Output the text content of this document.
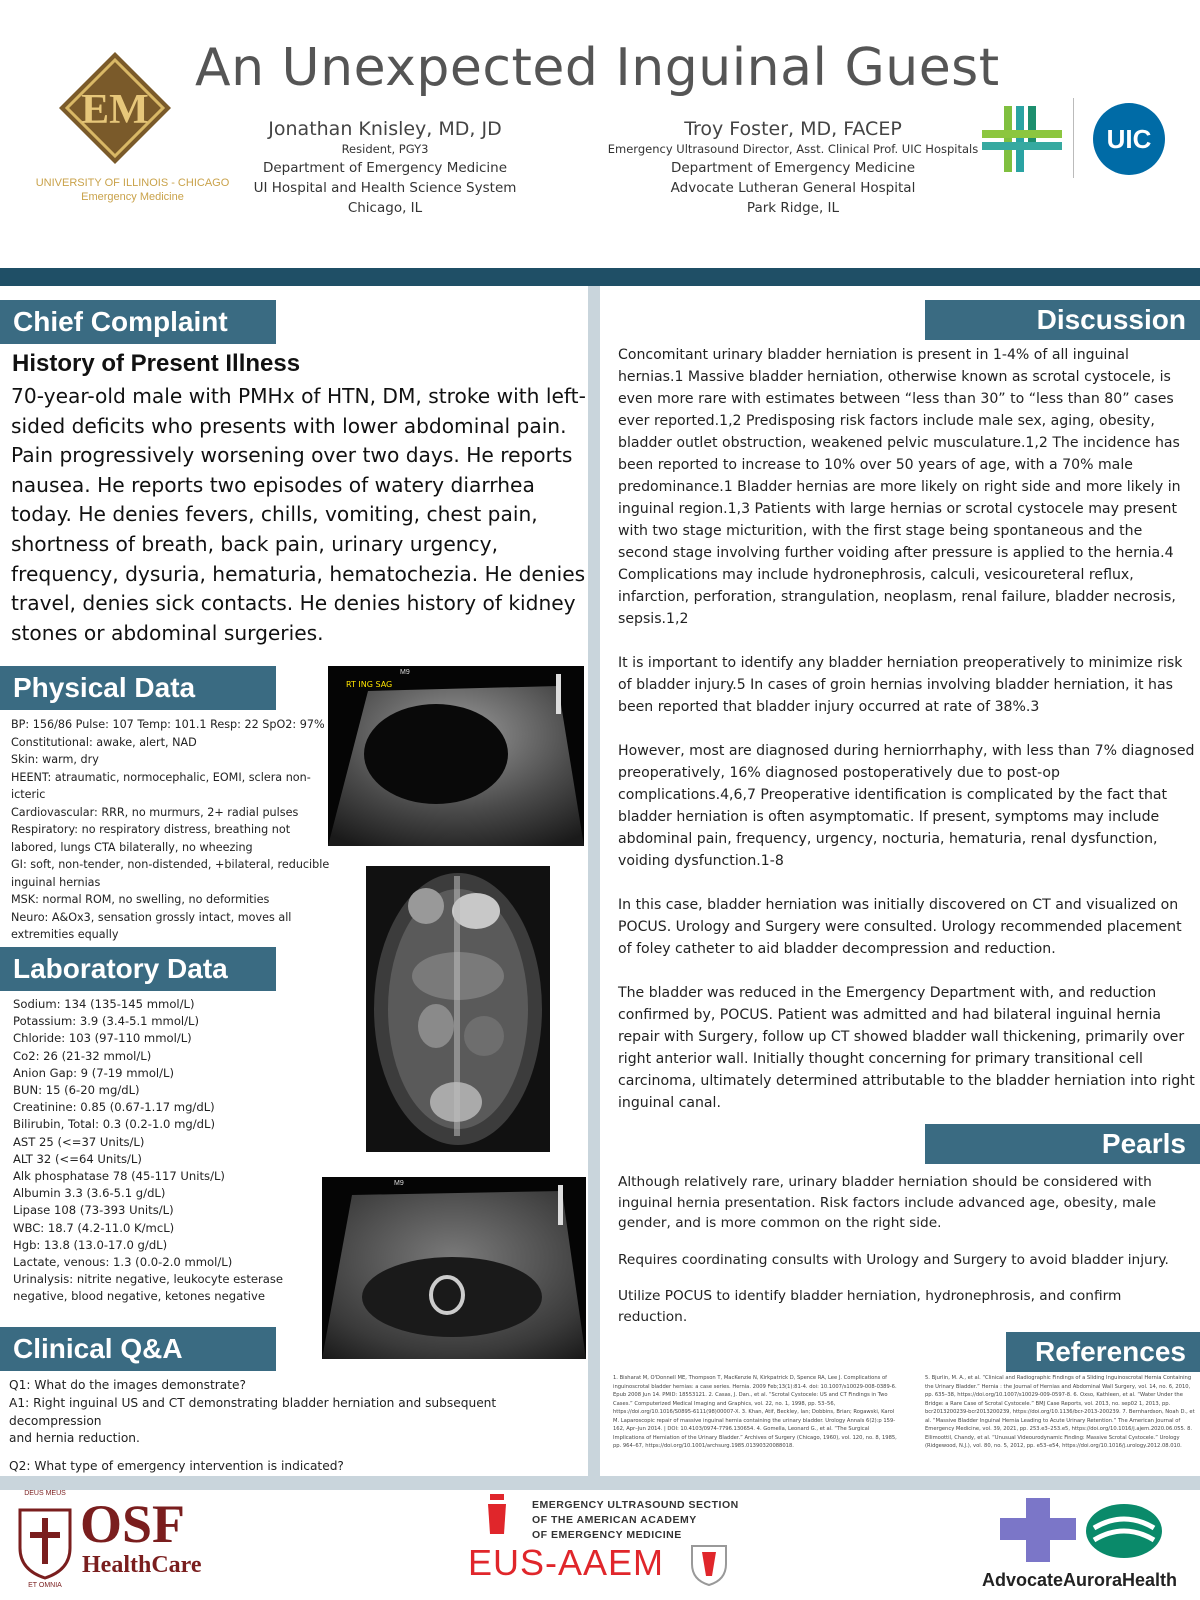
EM
UNIVERSITY OF ILLINOIS - CHICAGO
Emergency Medicine
An Unexpected Inguinal Guest
Jonathan Knisley, MD, JD
Resident, PGY3
Department of Emergency Medicine
UI Hospital and Health Science System
Chicago, IL
Troy Foster, MD, FACEP
Emergency Ultrasound Director, Asst. Clinical Prof. UIC Hospitals
Department of Emergency Medicine
Advocate Lutheran General Hospital
Park Ridge, IL
UIC
Chief Complaint
History of Present Illness
70-year-old male with PMHx of HTN, DM, stroke with left-sided deficits who presents with lower abdominal pain. Pain progressively worsening over two days. He reports nausea. He reports two episodes of watery diarrhea today. He denies fevers, chills, vomiting, chest pain, shortness of breath, back pain, urinary urgency, frequency, dysuria, hematuria, hematochezia. He denies travel, denies sick contacts. He denies history of kidney stones or abdominal surgeries.
Physical Data
BP: 156/86 Pulse: 107 Temp: 101.1 Resp: 22 SpO2: 97%
Constitutional: awake, alert, NAD
Skin: warm, dry
HEENT: atraumatic, normocephalic, EOMI, sclera non-
icteric
Cardiovascular: RRR, no murmurs, 2+ radial pulses
Respiratory: no respiratory distress, breathing not
labored, lungs CTA bilaterally, no wheezing
GI: soft, non-tender, non-distended, +bilateral, reducible
inguinal hernias
MSK: normal ROM, no swelling, no deformities
Neuro: A&Ox3, sensation grossly intact, moves all
extremities equally
Laboratory Data
Sodium: 134 (135-145 mmol/L)
Potassium: 3.9 (3.4-5.1 mmol/L)
Chloride: 103 (97-110 mmol/L)
Co2: 26 (21-32 mmol/L)
Anion Gap: 9 (7-19 mmol/L)
BUN: 15 (6-20 mg/dL)
Creatinine: 0.85 (0.67-1.17 mg/dL)
Bilirubin, Total: 0.3 (0.2-1.0 mg/dL)
AST 25 (<=37 Units/L)
ALT 32 (<=64 Units/L)
Alk phosphatase 78 (45-117 Units/L)
Albumin 3.3 (3.6-5.1 g/dL)
Lipase 108 (73-393 Units/L)
WBC: 18.7 (4.2-11.0 K/mcL)
Hgb: 13.8 (13.0-17.0 g/dL)
Lactate, venous: 1.3 (0.0-2.0 mmol/L)
Urinalysis: nitrite negative, leukocyte esterase
negative, blood negative, ketones negative
Clinical Q&A
Q1: What do the images demonstrate?
A1: Right inguinal US and CT demonstrating bladder herniation and subsequent decompression
and hernia reduction.
Q2: What type of emergency intervention is indicated?
RT ING SAG
M9
M9
Discussion

Concomitant urinary bladder herniation is present in 1-4% of all inguinal hernias.1 Massive bladder herniation, otherwise known as scrotal cystocele, is even more rare with estimates between “less than 30” to “less than 80” cases ever reported.1,2 Predisposing risk factors include male sex, aging, obesity, bladder outlet obstruction, weakened pelvic musculature.1,2 The incidence has been reported to increase to 10% over 50 years of age, with a 70% male predominance.1 Bladder hernias are more likely on right side and more likely in inguinal region.1,3 Patients with large hernias or scrotal cystocele may present with two stage micturition, with the first stage being spontaneous and the second stage involving further voiding after pressure is applied to the hernia.4 Complications may include hydronephrosis, calculi, vesicoureteral reflux, infarction, perforation, strangulation, neoplasm, renal failure, bladder necrosis, sepsis.1,2

It is important to identify any bladder herniation preoperatively to minimize risk of bladder injury.5 In cases of groin hernias involving bladder herniation, it has been reported that bladder injury occurred at rate of 38%.3

However, most are diagnosed during herniorrhaphy, with less than 7% diagnosed preoperatively, 16% diagnosed postoperatively due to post-op complications.4,6,7 Preoperative identification is complicated by the fact that bladder herniation is often asymptomatic. If present, symptoms may include abdominal pain, frequency, urgency, nocturia, hematuria, renal dysfunction, voiding dysfunction.1-8

In this case, bladder herniation was initially discovered on CT and visualized on POCUS. Urology and Surgery were consulted. Urology recommended placement of foley catheter to aid bladder decompression and reduction.

The bladder was reduced in the Emergency Department with, and reduction confirmed by, POCUS. Patient was admitted and had bilateral inguinal hernia repair with Surgery, follow up CT showed bladder wall thickening, primarily over right anterior wall. Initially thought concerning for primary transitional cell carcinoma, ultimately determined attributable to the bladder herniation into right inguinal canal.

Pearls

Although relatively rare, urinary bladder herniation should be considered with inguinal hernia presentation. Risk factors include advanced age, obesity, male gender, and is more common on the right side.

Requires coordinating consults with Urology and Surgery to avoid bladder injury.

Utilize POCUS to identify bladder herniation, hydronephrosis, and confirm reduction.

References
1. Bisharat M, O'Donnell ME, Thompson T, MacKenzie N, Kirkpatrick D, Spence RA, Lee J. Complications of inguinoscrotal bladder hernias: a case series. Hernia. 2009 Feb;13(1):81-4. doi: 10.1007/s10029-008-0389-6. Epub 2008 Jun 14. PMID: 18553121. 2. Casas, J. Dan., et al. “Scrotal Cystocele: US and CT Findings in Two Cases.” Computerized Medical Imaging and Graphics, vol. 22, no. 1, 1998, pp. 53–56, https://doi.org/10.1016/S0895-6111(98)00007-X. 3. Khan, Atif, Beckley, Ian; Dobbins, Brian; Rogawski, Karol M. Laparoscopic repair of massive inguinal hernia containing the urinary bladder. Urology Annals 6(2):p 159-162, Apr–Jun 2014. | DOI: 10.4103/0974-7796.130654. 4. Gomella, Leonard G., et al. “The Surgical Implications of Herniation of the Urinary Bladder.” Archives of Surgery (Chicago, 1960), vol. 120, no. 8, 1985, pp. 964–67, https://doi.org/10.1001/archsurg.1985.01390320088018.
5. Bjurlin, M. A., et al. “Clinical and Radiographic Findings of a Sliding Inguinoscrotal Hernia Containing the Urinary Bladder.” Hernia : the Journal of Hernias and Abdominal Wall Surgery, vol. 14, no. 6, 2010, pp. 635–38, https://doi.org/10.1007/s10029-009-0597-8. 6. Oxso, Kathleen, et al. “Water Under the Bridge: a Rare Case of Scrotal Cystocele.” BMJ Case Reports, vol. 2013, no. sep02 1, 2013, pp. bcr2013200239-bcr2013200239, https://doi.org/10.1136/bcr-2013-200239. 7. Bernhardson, Noah D., et al. “Massive Bladder Inguinal Hernia Leading to Acute Urinary Retention.” The American Journal of Emergency Medicine, vol. 39, 2021, pp. 253.e3–253.e5, https://doi.org/10.1016/j.ajem.2020.06.055. 8. Ellimoottil, Chandy, et al. “Unusual Videourodynamic Finding: Massive Scrotal Cystocele.” Urology (Ridgewood, N.J.), vol. 80, no. 5, 2012, pp. e53–e54, https://doi.org/10.1016/j.urology.2012.08.010.
DEUS MEUS
ET OMNIA
OSF
HealthCare
EMERGENCY ULTRASOUND SECTION
OF THE AMERICAN ACADEMY
OF EMERGENCY MEDICINE
EUS-AAEM	AdvocateAuroraHealth
